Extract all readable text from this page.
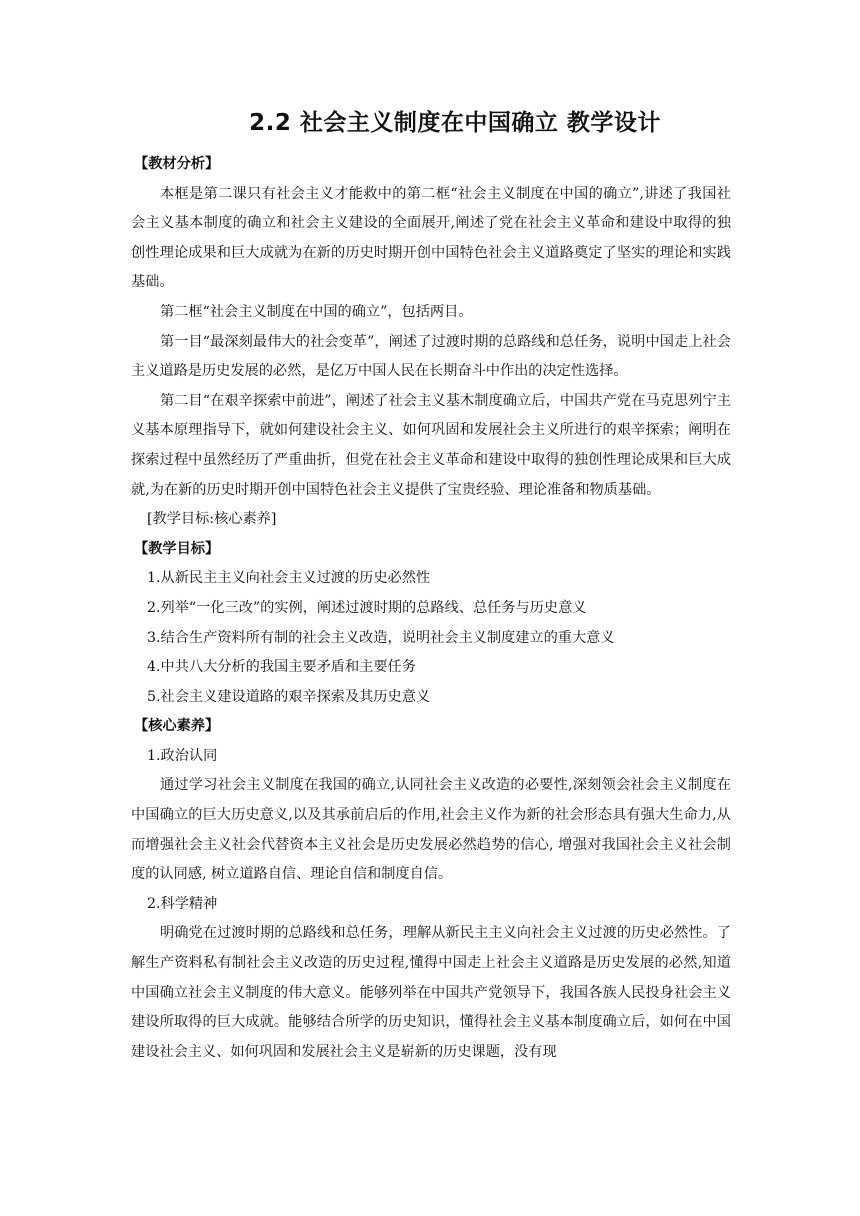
2.2 社会主义制度在中国确立 教学设计

【教材分析】

本框是第二课只有社会主义才能救中的第二框“社会主义制度在中国的确立”,讲述了我国社会主义基本制度的确立和社会主义建设的全面展开,阐述了党在社会主义革命和建设中取得的独创性理论成果和巨大成就为在新的历史时期开创中国特色社会主义道路奠定了坚实的理论和实践基础。

第二框“社会主义制度在中国的确立”，包括两目。

第一目“最深刻最伟大的社会变革”，阐述了过渡时期的总路线和总任务，说明中国走上社会主义道路是历史发展的必然，是亿万中国人民在长期奋斗中作出的决定性选择。

第二目“在艰辛探索中前进”，阐述了社会主义基木制度确立后，中国共产党在马克思列宁主义基本原理指导下，就如何建设社会主义、如何巩固和发展社会主义所进行的艰辛探索；阐明在探索过程中虽然经历了严重曲折，但党在社会主义革命和建设中取得的独创性理论成果和巨大成就,为在新的历史时期开创中国特色社会主义提供了宝贵经验、理论准备和物质基础。

[教学目标:核心素养]

【教学目标】

1.从新民主主义向社会主义过渡的历史必然性

2.列举“一化三改”的实例，阐述过渡时期的总路线、总任务与历史意义

3.结合生产资料所有制的社会主义改造，说明社会主义制度建立的重大意义

4.中共八大分析的我国主要矛盾和主要任务

5.社会主义建设道路的艰辛探索及其历史意义

【核心素养】

1.政治认同

通过学习社会主义制度在我国的确立,认同社会主义改造的必要性,深刻领会社会主义制度在中国确立的巨大历史意义,以及其承前启后的作用,社会主义作为新的社会形态具有强大生命力,从而增强社会主义社会代替资本主义社会是历史发展必然趋势的信心, 增强对我国社会主义社会制度的认同感, 树立道路自信、理论自信和制度自信。

2.科学精神

明确党在过渡时期的总路线和总任务，理解从新民主主义向社会主义过渡的历史必然性。了解生产资料私有制社会主义改造的历史过程,懂得中国走上社会主义道路是历史发展的必然,知道中国确立社会主义制度的伟大意义。能够列举在中国共产党领导下，我国各族人民投身社会主义建设所取得的巨大成就。能够结合所学的历史知识，懂得社会主义基本制度确立后，如何在中国建设社会主义、如何巩固和发展社会主义是崭新的历史课题，没有现
